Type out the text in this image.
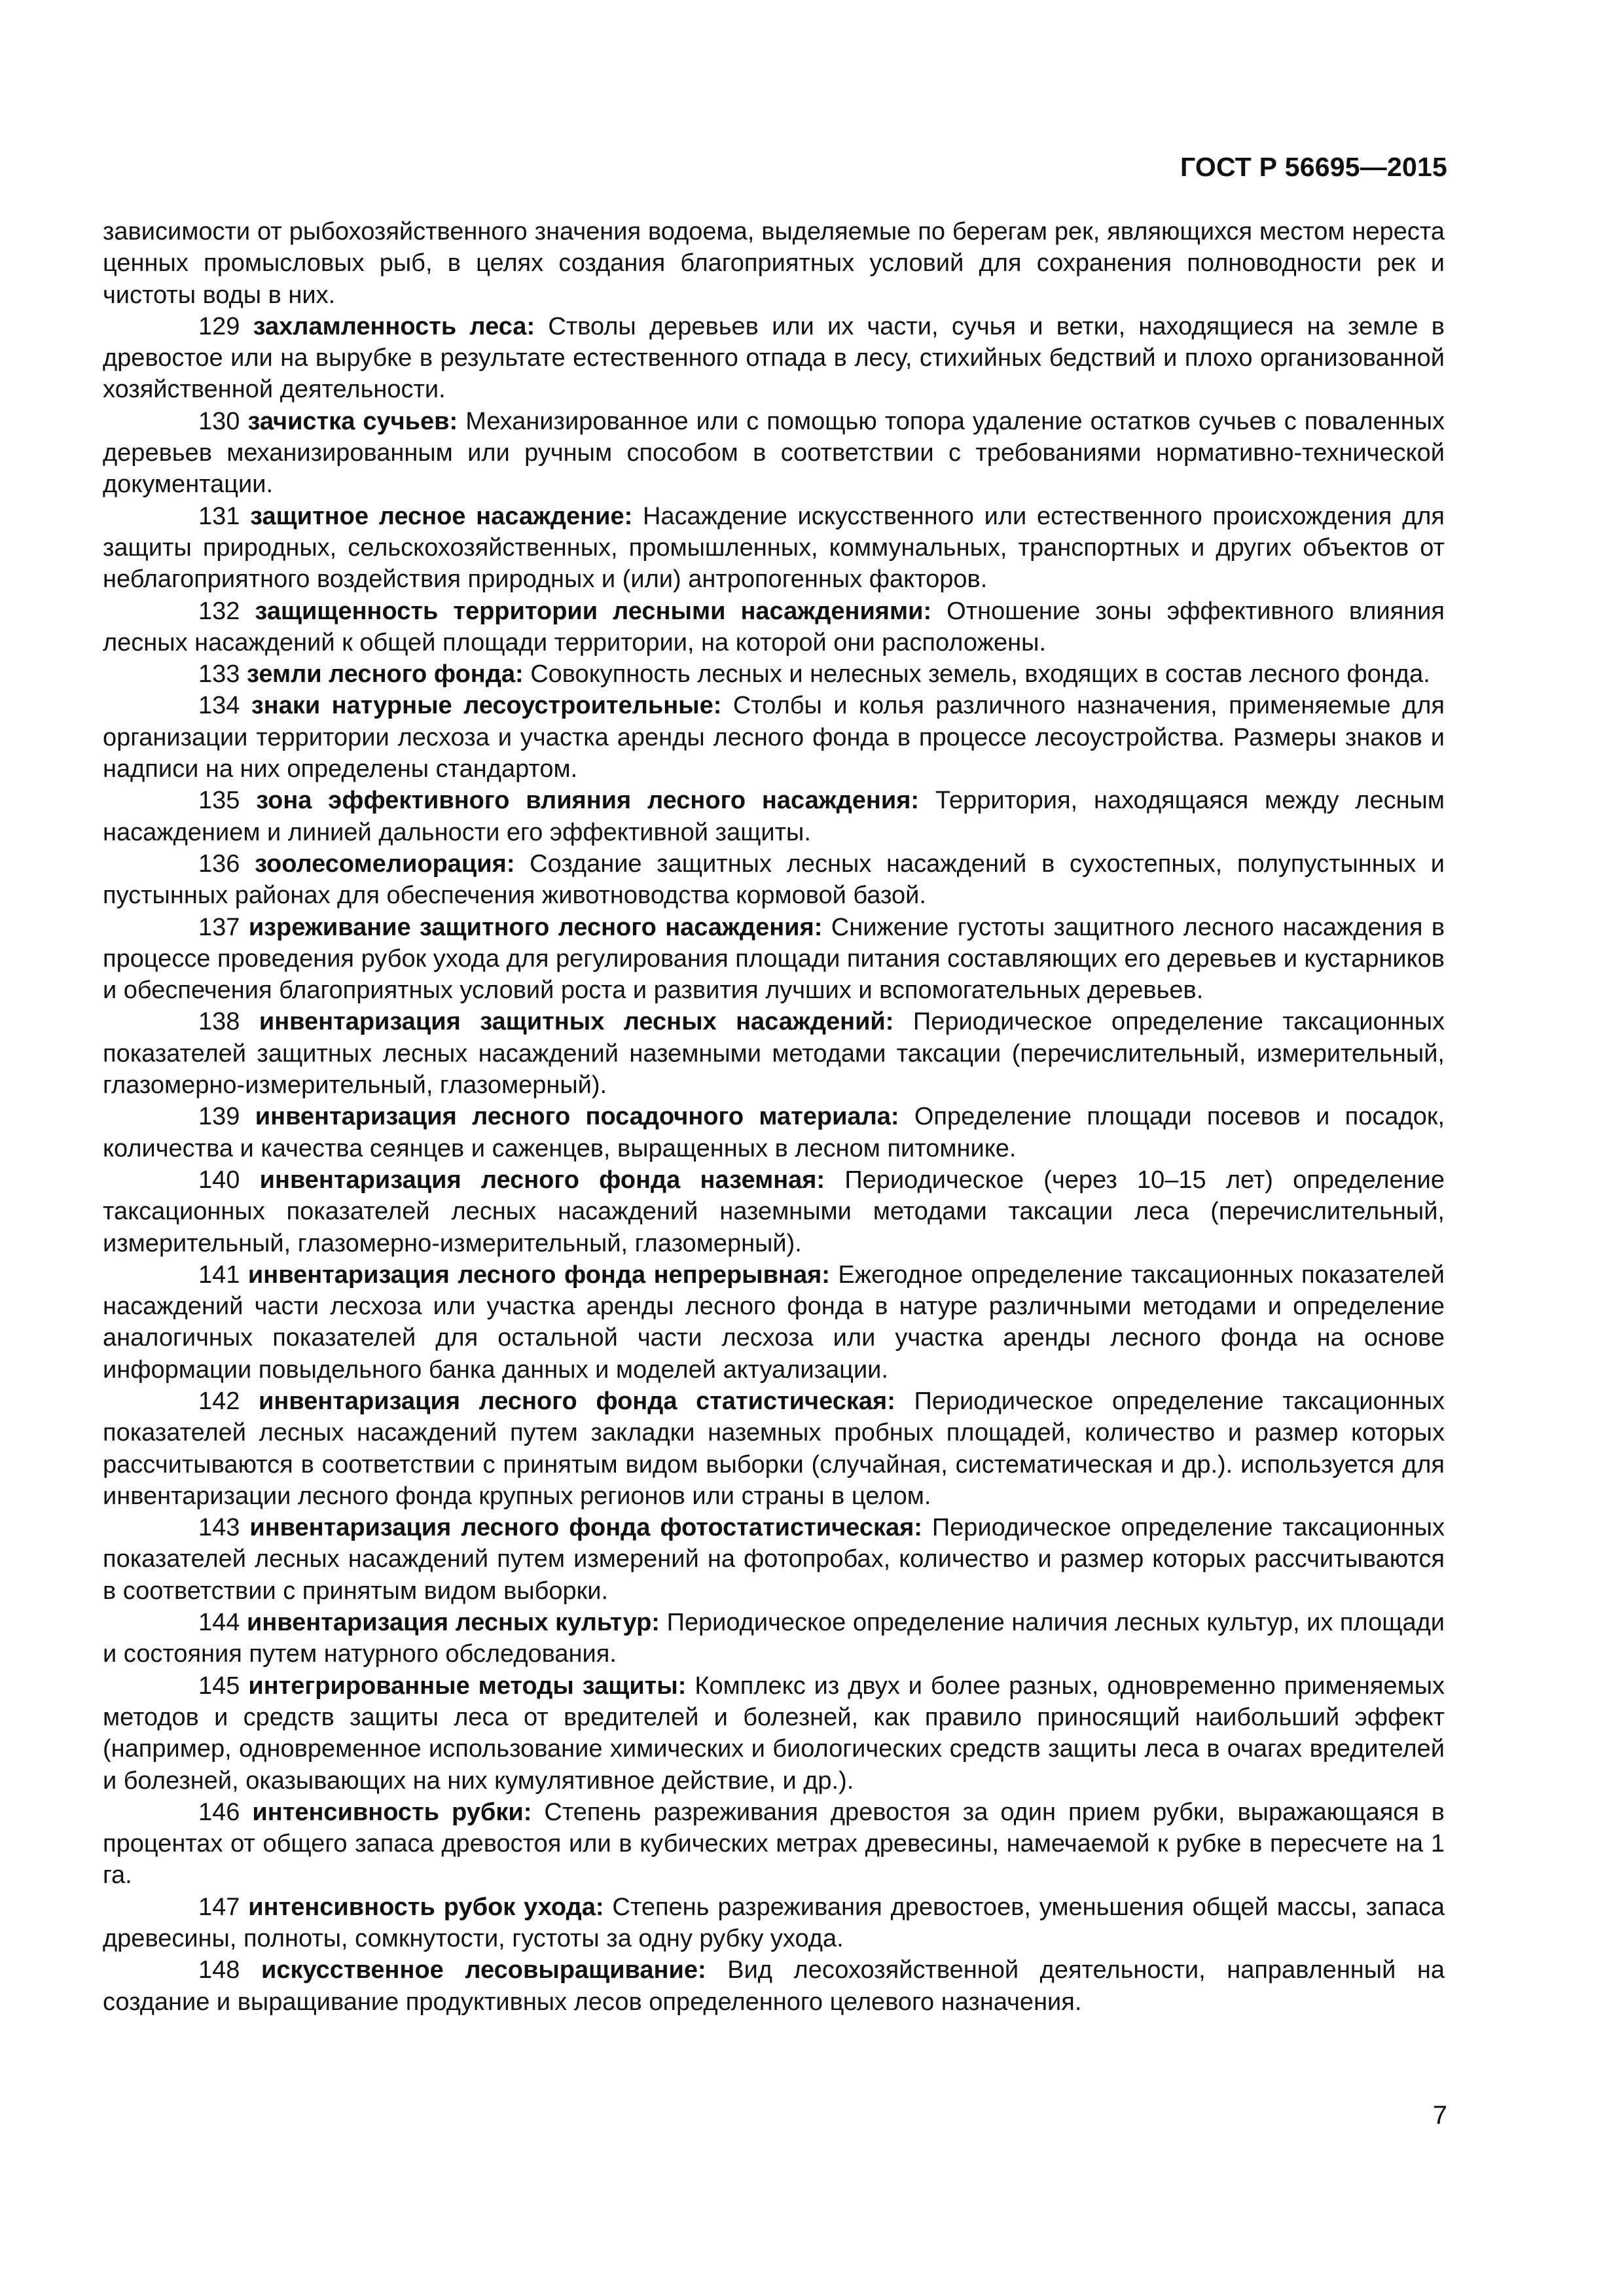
ГОСТ Р 56695—2015

зависимости от рыбохозяйственного значения водоема, выделяемые по берегам рек, являющихся местом нереста ценных промысловых рыб, в целях создания благоприятных условий для сохранения полноводности рек и чистоты воды в них.

129 захламленность леса: Стволы деревьев или их части, сучья и ветки, находящиеся на земле в древостое или на вырубке в результате естественного отпада в лесу, стихийных бедствий и плохо организованной хозяйственной деятельности.

130 зачистка сучьев: Механизированное или с помощью топора удаление остатков сучьев с поваленных деревьев механизированным или ручным способом в соответствии с требованиями нормативно-технической документации.

131 защитное лесное насаждение: Насаждение искусственного или естественного происхождения для защиты природных, сельскохозяйственных, промышленных, коммунальных, транспортных и других объектов от неблагоприятного воздействия природных и (или) антропогенных факторов.

132 защищенность территории лесными насаждениями: Отношение зоны эффективного влияния лесных насаждений к общей площади территории, на которой они расположены.

133 земли лесного фонда: Совокупность лесных и нелесных земель, входящих в состав лесного фонда.

134 знаки натурные лесоустроительные: Столбы и колья различного назначения, применяемые для организации территории лесхоза и участка аренды лесного фонда в процессе лесоустройства. Размеры знаков и надписи на них определены стандартом.

135 зона эффективного влияния лесного насаждения: Территория, находящаяся между лесным насаждением и линией дальности его эффективной защиты.

136 зоолесомелиорация: Создание защитных лесных насаждений в сухостепных, полупустынных и пустынных районах для обеспечения животноводства кормовой базой.

137 изреживание защитного лесного насаждения: Снижение густоты защитного лесного насаждения в процессе проведения рубок ухода для регулирования площади питания составляющих его деревьев и кустарников и обеспечения благоприятных условий роста и развития лучших и вспомогательных деревьев.

138 инвентаризация защитных лесных насаждений: Периодическое определение таксационных показателей защитных лесных насаждений наземными методами таксации (перечислительный, измерительный, глазомерно-измерительный, глазомерный).

139 инвентаризация лесного посадочного материала: Определение площади посевов и посадок, количества и качества сеянцев и саженцев, выращенных в лесном питомнике.

140 инвентаризация лесного фонда наземная: Периодическое (через 10–15 лет) определение таксационных показателей лесных насаждений наземными методами таксации леса (перечислительный, измерительный, глазомерно-измерительный, глазомерный).

141 инвентаризация лесного фонда непрерывная: Ежегодное определение таксационных показателей насаждений части лесхоза или участка аренды лесного фонда в натуре различными методами и определение аналогичных показателей для остальной части лесхоза или участка аренды лесного фонда на основе информации повыдельного банка данных и моделей актуализации.

142 инвентаризация лесного фонда статистическая: Периодическое определение таксационных показателей лесных насаждений путем закладки наземных пробных площадей, количество и размер которых рассчитываются в соответствии с принятым видом выборки (случайная, систематическая и др.). используется для инвентаризации лесного фонда крупных регионов или страны в целом.

143 инвентаризация лесного фонда фотостатистическая: Периодическое определение таксационных показателей лесных насаждений путем измерений на фотопробах, количество и размер которых рассчитываются в соответствии с принятым видом выборки.

144 инвентаризация лесных культур: Периодическое определение наличия лесных культур, их площади и состояния путем натурного обследования.

145 интегрированные методы защиты: Комплекс из двух и более разных, одновременно применяемых методов и средств защиты леса от вредителей и болезней, как правило приносящий наибольший эффект (например, одновременное использование химических и биологических средств защиты леса в очагах вредителей и болезней, оказывающих на них кумулятивное действие, и др.).

146 интенсивность рубки: Степень разреживания древостоя за один прием рубки, выражающаяся в процентах от общего запаса древостоя или в кубических метрах древесины, намечаемой к рубке в пересчете на 1 га.

147 интенсивность рубок ухода: Степень разреживания древостоев, уменьшения общей массы, запаса древесины, полноты, сомкнутости, густоты за одну рубку ухода.

148 искусственное лесовыращивание: Вид лесохозяйственной деятельности, направленный на создание и выращивание продуктивных лесов определенного целевого назначения.

7
